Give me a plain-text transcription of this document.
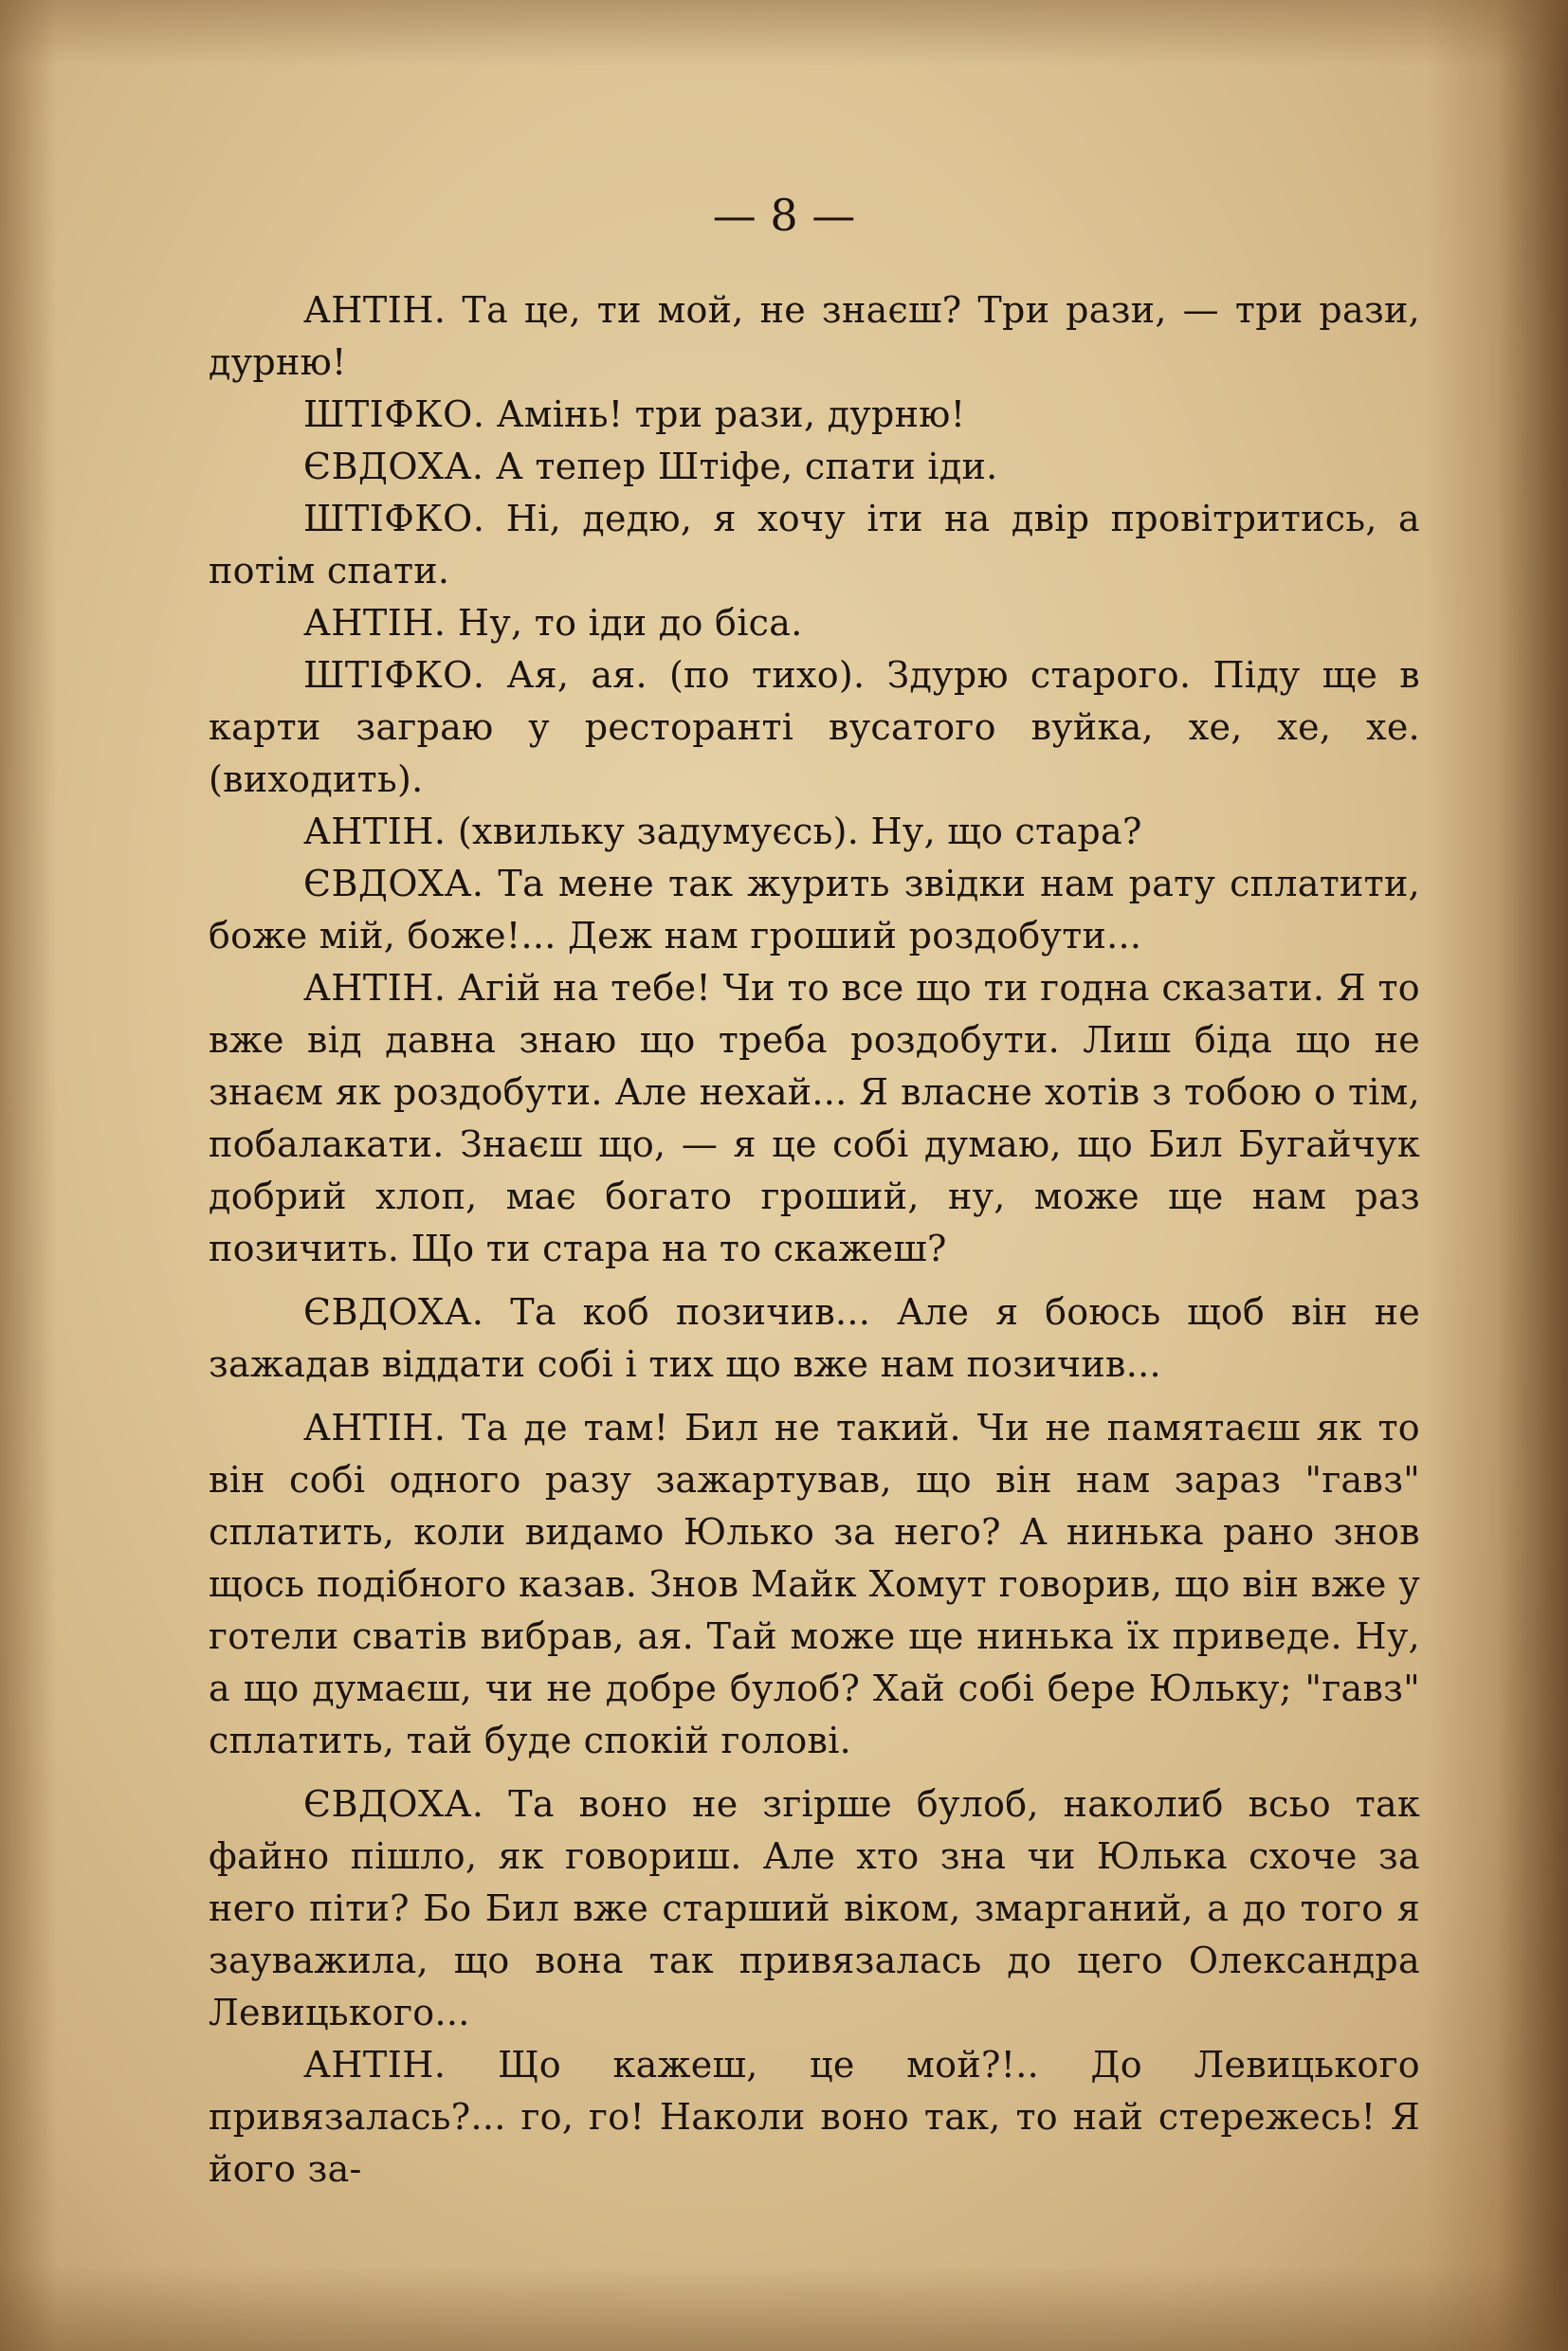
— 8 —

АНТІН. Та це, ти мой, не знаєш? Три рази, — три рази, дурню!

ШТІФКО. Амінь! три рази, дурню!

ЄВДОХА. А тепер Штіфе, спати іди.

ШТІФКО. Ні, дедю, я хочу іти на двір провітритись, а потім спати.

АНТІН. Ну, то іди до біса.

ШТІФКО. Ая, ая. (по тихо). Здурю старого. Піду ще в карти заграю у ресторанті вусатого вуйка, хе, хе, хе. (виходить).

АНТІН. (хвильку задумуєсь). Ну, що стара?

ЄВДОХА. Та мене так журить звідки нам рату сплатити, боже мій, боже!... Деж нам гроший роздобути...

АНТІН. Агій на тебе! Чи то все що ти годна сказати. Я то вже від давна знаю що треба роздобути. Лиш біда що не знаєм як роздобути. Але нехай... Я власне хотів з тобою о тім, побалакати. Знаєш що, — я це собі думаю, що Бил Бугайчук добрий хлоп, має богато гроший, ну, може ще нам раз позичить. Що ти стара на то скажеш?

ЄВДОХА. Та коб позичив... Але я боюсь щоб він не зажадав віддати собі і тих що вже нам позичив...

АНТІН. Та де там! Бил не такий. Чи не памятаєш як то він собі одного разу зажартував, що він нам зараз "гавз" сплатить, коли видамо Юлько за него? А нинька рано знов щось подібного казав. Знов Майк Хомут говорив, що він вже у готели сватів вибрав, ая. Тай може ще нинька їх приведе. Ну, а що думаєш, чи не добре булоб? Хай собі бере Юльку; "гавз" сплатить, тай буде спокій голові.

ЄВДОХА. Та воно не згірше булоб, наколиб всьо так файно пішло, як говориш. Але хто зна чи Юлька схоче за него піти? Бо Бил вже старший віком, змарганий, а до того я зауважила, що вона так привязалась до цего Олександра Левицького...

АНТІН. Що кажеш, це мой?!.. До Левицького привязалась?... го, го! Наколи воно так, то най стережесь! Я його за-
